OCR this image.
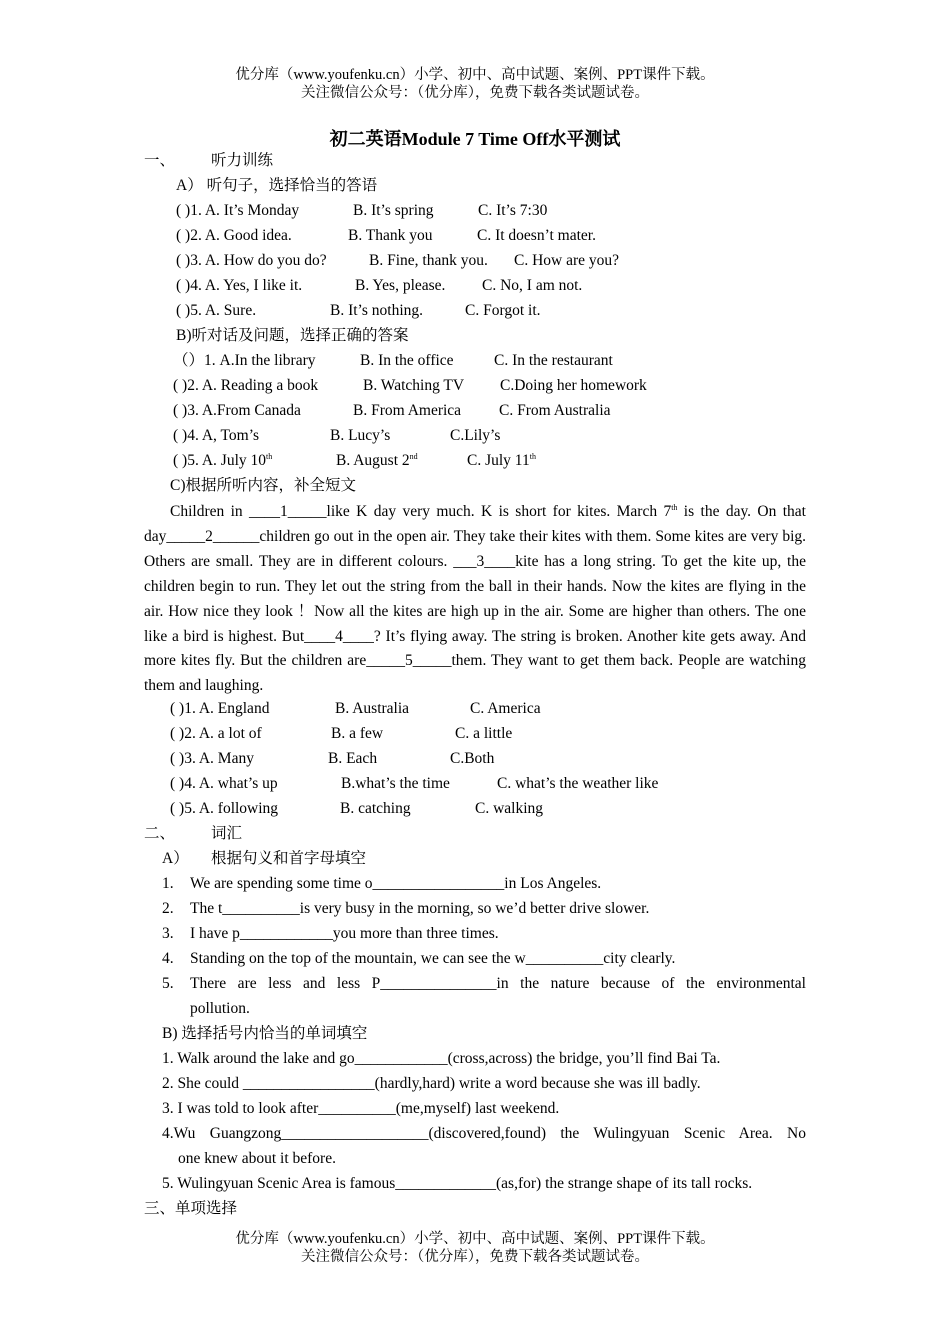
优分库（www.youfenku.cn）小学、初中、高中试题、案例、PPT课件下载。
关注微信公众号：（优分库），免费下载各类试题试卷。
初二英语Module 7 Time Off水平测试
一、 听力训练
A） 听句子，选择恰当的答语
( )1. A. It’s Monday	B. It’s spring	C. It’s 7:30
( )2. A. Good idea.	B. Thank you	C. It doesn’t mater.
( )3. A. How do you do?	B. Fine, thank you. C. How are you?
( )4. A. Yes, I like it.	B. Yes, please. C. No, I am not.
( )5. A. Sure.	B. It’s nothing.	C. Forgot it.
B)听对话及问题，选择正确的答案
（）1. A.In the library	B. In the office	C. In the restaurant
( )2. A. Reading a book	B. Watching TV C.Doing her homework
( )3. A.From Canada	B. From America C. From Australia
( )4. A, Tom’s	B. Lucy’s	C.Lily’s
( )5. A. July 10th	B. August 2nd	C. July 11th
C)根据所听内容，补全短文

Children in ____1_____like K day very much. K is short for kites. March 7th is the day. On that day_____2______children go out in the open air. They take their kites with them. Some kites are very big. Others are small. They are in different colours. ___3____kite has a long string. To get the kite up, the children begin to run. They let out the string from the ball in their hands. Now the kites are flying in the air. How nice they look ！Now all the kites are high up in the air. Some are higher than others. The one like a bird is highest. But____4____? It’s flying away. The string is broken. Another kite gets away. And more kites fly. But the children are_____5_____them. They want to get them back. People are watching them and laughing.

( )1. A. England	B. Australia	C. America
( )2. A. a lot of	B. a few	C. a little
( )3. A. Many	B. Each	C.Both
( )4. A. what’s up	B.what’s the time	C. what’s the weather like
( )5. A. following	B. catching	C. walking
二、 词汇
A） 根据句义和首字母填空
1. We are spending some time o_________________in Los Angeles.
2. The t__________is very busy in the morning, so we’d better drive slower.
3. I have p____________you more than three times.
4. Standing on the top of the mountain, we can see the w__________city clearly.
5. There are less and less P_______________in the nature because of the environmental
pollution.
B) 选择括号内恰当的单词填空
1. Walk around the lake and go____________(cross,across) the bridge, you’ll find Bai Ta.
2. She could _________________(hardly,hard) write a word because she was ill badly.
3. I was told to look after__________(me,myself) last weekend.
4.Wu Guangzong___________________(discovered,found) the Wulingyuan Scenic Area. No
one knew about it before.
5. Wulingyuan Scenic Area is famous_____________(as,for) the strange shape of its tall rocks.
三、单项选择
优分库（www.youfenku.cn）小学、初中、高中试题、案例、PPT课件下载。
关注微信公众号：（优分库），免费下载各类试题试卷。
